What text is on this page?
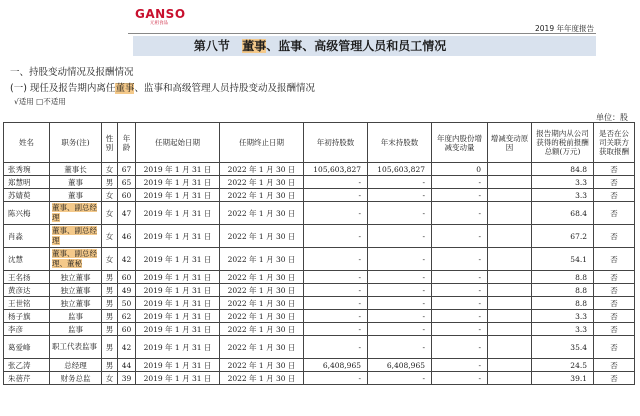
GANSO
元祖食品
2019 年年度报告
第八节 董事、监事、高级管理人员和员工情况
一、持股变动情况及报酬情况
(一) 现任及报告期内离任董事、监事和高级管理人员持股变动及报酬情况
√适用 □不适用
单位：股
姓名	职务(注)	性别	年龄	任期起始日期	任期终止日期	年初持股数	年末持股数	年度内股份增减变动量	增减变动原因	报告期内从公司获得的税前报酬总额(万元)	是否在公司关联方获取报酬
张秀琬	董事长	女	67	2019 年 1 月 31 日	2022 年 1 月 30 日	105,603,827	105,603,827	0		84.8	否
郑慧明	董事	男	65	2019 年 1 月 31 日	2022 年 1 月 30 日	-	-	-		3.3	否
苏婧萸	董事	女	60	2019 年 1 月 31 日	2022 年 1 月 30 日	-	-	-		3.3	否
陈兴梅	董事、副总经理	女	47	2019 年 1 月 31 日	2022 年 1 月 30 日	-	-	-		68.4	否
肖淼	董事、副总经理	女	46	2019 年 1 月 31 日	2022 年 1 月 30 日	-	-	-		67.2	否
沈慧	董事、副总经理、董秘	女	42	2019 年 1 月 31 日	2022 年 1 月 30 日	-	-	-		54.1	否
王名扬	独立董事	男	60	2019 年 1 月 31 日	2022 年 1 月 30 日	-	-	-		8.8	否
黄彦达	独立董事	男	49	2019 年 1 月 31 日	2022 年 1 月 30 日	-	-	-		8.8	否
王世铭	独立董事	男	50	2019 年 1 月 31 日	2022 年 1 月 30 日	-	-	-		8.8	否
杨子旗	监事	男	62	2019 年 1 月 31 日	2022 年 1 月 30 日	-	-	-		3.3	否
李彦	监事	男	60	2019 年 1 月 31 日	2022 年 1 月 30 日	-	-	-		3.3	否
葛爱峰	职工代表监事	男	42	2019 年 1 月 31 日	2022 年 1 月 30 日	-	-	-		35.4	否
张乙涛	总经理	男	44	2019 年 1 月 31 日	2022 年 1 月 30 日	6,408,965	6,408,965	-		24.5	否
朱蓓芹	财务总监	女	39	2019 年 1 月 31 日	2022 年 1 月 30 日	-	-	-		39.1	否
